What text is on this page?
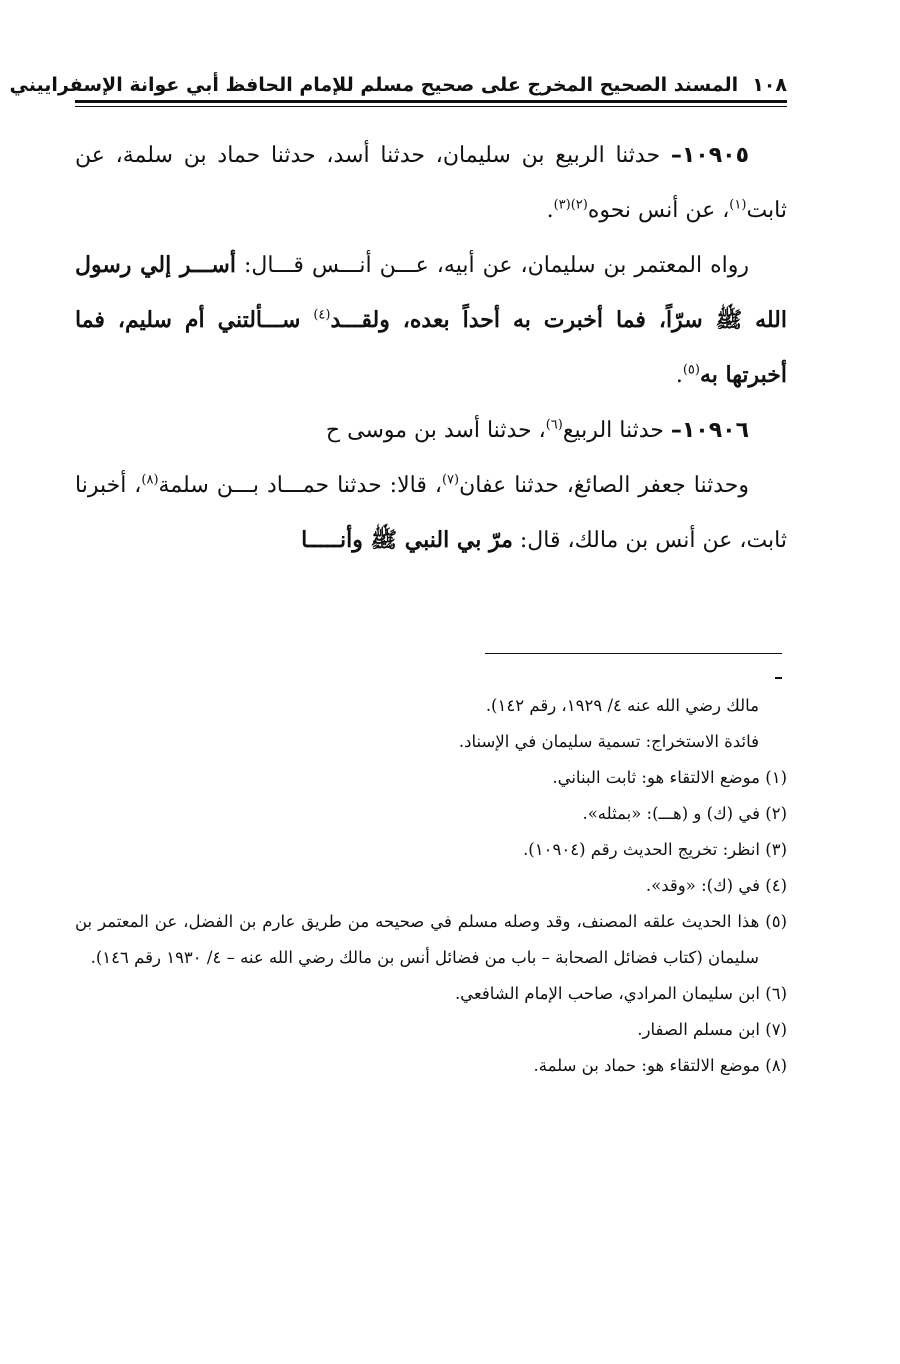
١٠٨
المسند الصحيح المخرج على صحيح مسلم للإمام الحافظ أبي عوانة الإسفراييني

١٠٩٠٥– حدثنا الربيع بن سليمان، حدثنا أسد، حدثنا حماد بن سلمة، عن ثابت$^{(١)}$، عن أنس نحوه$^{(٢)(٣)}$.

رواه المعتمر بن سليمان، عن أبيه، عـــن أنـــس قـــال: أســـر إلي رسول الله ﷺ سرّاً، فما أخبرت به أحداً بعده، ولقـــد$^{(٤)}$ ســـألتني أم سليم، فما أخبرتها به$^{(٥)}$.

١٠٩٠٦– حدثنا الربيع$^{(٦)}$، حدثنا أسد بن موسى ح

وحدثنا جعفر الصائغ، حدثنا عفان$^{(٧)}$، قالا: حدثنا حمـــاد بـــن سلمة$^{(٨)}$، أخبرنا ثابت، عن أنس بن مالك، قال: مرّ بي النبي ﷺ وأنـــــا

مالك رضي الله عنه ٤/ ١٩٢٩، رقم ١٤٢).

فائدة الاستخراج: تسمية سليمان في الإسناد.

(١) موضع الالتقاء هو: ثابت البناني.

(٢) في (ك) و (هـــ): «بمثله».

(٣) انظر: تخريج الحديث رقم (١٠٩٠٤).

(٤) في (ك): «وقد».

(٥) هذا الحديث علقه المصنف، وقد وصله مسلم في صحيحه من طريق عارم بن الفضل، عن المعتمر بن سليمان (كتاب فضائل الصحابة – باب من فضائل أنس بن مالك رضي الله عنه – ٤/ ١٩٣٠ رقم ١٤٦).

(٦) ابن سليمان المرادي، صاحب الإمام الشافعي.

(٧) ابن مسلم الصفار.

(٨) موضع الالتقاء هو: حماد بن سلمة.
